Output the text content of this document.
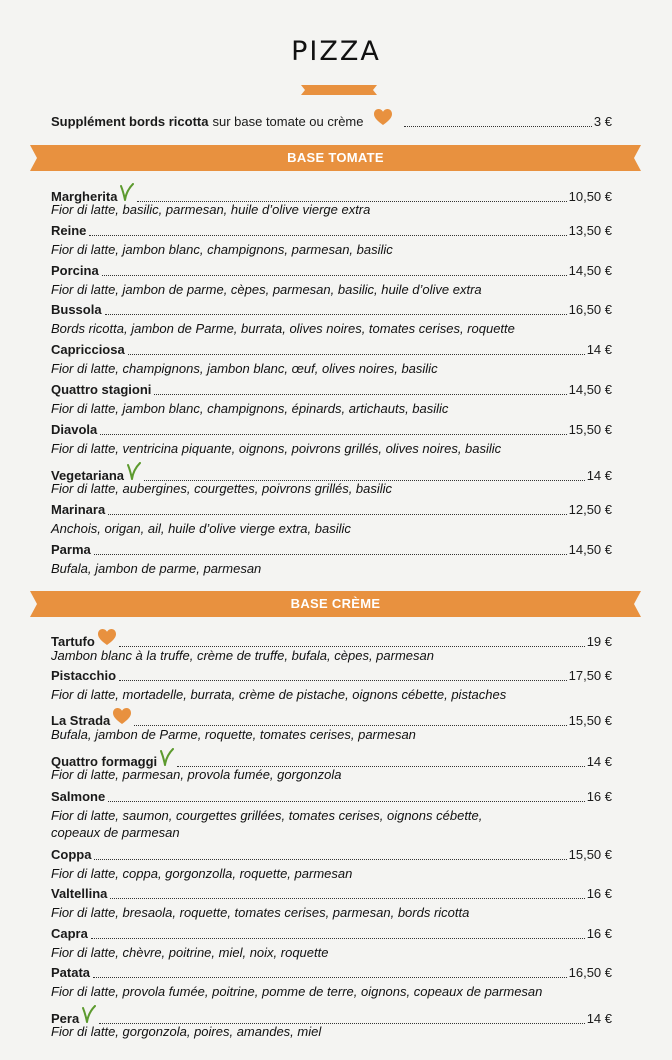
PIZZA
Supplément bords ricotta sur base tomate ou crème	3 €
BASE TOMATE
Margherita	10,50 €
Fior di latte, basilic, parmesan, huile d’olive vierge extra
Reine	13,50 €
Fior di latte, jambon blanc, champignons, parmesan, basilic
Porcina	14,50 €
Fior di latte, jambon de parme, cèpes, parmesan, basilic, huile d’olive extra
Bussola	16,50 €
Bords ricotta, jambon de Parme, burrata, olives noires, tomates cerises, roquette
Capricciosa	14 €
Fior di latte, champignons, jambon blanc, œuf, olives noires, basilic
Quattro stagioni	14,50 €
Fior di latte, jambon blanc, champignons, épinards, artichauts, basilic
Diavola	15,50 €
Fior di latte, ventricina piquante, oignons, poivrons grillés, olives noires, basilic
Vegetariana	14 €
Fior di latte, aubergines, courgettes, poivrons grillés, basilic
Marinara	12,50 €
Anchois, origan, ail, huile d’olive vierge extra, basilic
Parma	14,50 €
Bufala, jambon de parme, parmesan
BASE CRÈME
Tartufo	19 €
Jambon blanc à la truffe, crème de truffe, bufala, cèpes, parmesan
Pistacchio	17,50 €
Fior di latte, mortadelle, burrata, crème de pistache, oignons cébette, pistaches
La Strada	15,50 €
Bufala, jambon de Parme, roquette, tomates cerises, parmesan
Quattro formaggi	14 €
Fior di latte, parmesan, provola fumée, gorgonzola
Salmone	16 €
Fior di latte, saumon, courgettes grillées, tomates cerises, oignons cébette,
copeaux de parmesan
Coppa	15,50 €
Fior di latte, coppa, gorgonzolla, roquette, parmesan
Valtellina	16 €
Fior di latte, bresaola, roquette, tomates cerises, parmesan, bords ricotta
Capra	16 €
Fior di latte, chèvre, poitrine, miel, noix, roquette
Patata	16,50 €
Fior di latte, provola fumée, poitrine, pomme de terre, oignons, copeaux de parmesan
Pera	14 €
Fior di latte, gorgonzola, poires, amandes, miel
